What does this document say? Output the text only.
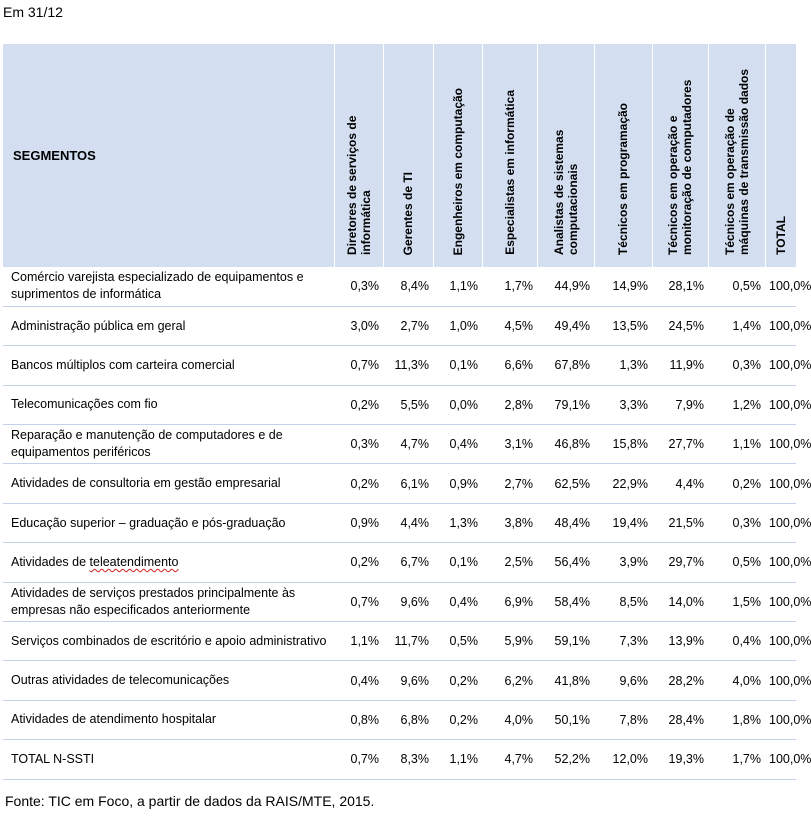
Em 31/12
SEGMENTOS	Diretores de serviços de informática	Gerentes de TI	Engenheiros em computação	Especialistas em informática	Analistas de sistemas computacionais	Técnicos em programação	Técnicos em operação e monitoração de computadores	Técnicos em operação de máquinas de transmissão dados	TOTAL

Comércio varejista especializado de equipamentos e suprimentos de informática	0,3%	8,4%	1,1%	1,7%	44,9%	14,9%	28,1%	0,5%	100,0%
Administração pública em geral	3,0%	2,7%	1,0%	4,5%	49,4%	13,5%	24,5%	1,4%	100,0%
Bancos múltiplos com carteira comercial	0,7%	11,3%	0,1%	6,6%	67,8%	1,3%	11,9%	0,3%	100,0%
Telecomunicações com fio	0,2%	5,5%	0,0%	2,8%	79,1%	3,3%	7,9%	1,2%	100,0%
Reparação e manutenção de computadores e de equipamentos periféricos	0,3%	4,7%	0,4%	3,1%	46,8%	15,8%	27,7%	1,1%	100,0%
Atividades de consultoria em gestão empresarial	0,2%	6,1%	0,9%	2,7%	62,5%	22,9%	4,4%	0,2%	100,0%
Educação superior – graduação e pós-graduação	0,9%	4,4%	1,3%	3,8%	48,4%	19,4%	21,5%	0,3%	100,0%
Atividades de teleatendimento	0,2%	6,7%	0,1%	2,5%	56,4%	3,9%	29,7%	0,5%	100,0%
Atividades de serviços prestados principalmente às empresas não especificados anteriormente	0,7%	9,6%	0,4%	6,9%	58,4%	8,5%	14,0%	1,5%	100,0%
Serviços combinados de escritório e apoio administrativo	1,1%	11,7%	0,5%	5,9%	59,1%	7,3%	13,9%	0,4%	100,0%
Outras atividades de telecomunicações	0,4%	9,6%	0,2%	6,2%	41,8%	9,6%	28,2%	4,0%	100,0%
Atividades de atendimento hospitalar	0,8%	6,8%	0,2%	4,0%	50,1%	7,8%	28,4%	1,8%	100,0%
TOTAL N-SSTI	0,7%	8,3%	1,1%	4,7%	52,2%	12,0%	19,3%	1,7%	100,0%
Fonte: TIC em Foco, a partir de dados da RAIS/MTE, 2015.
